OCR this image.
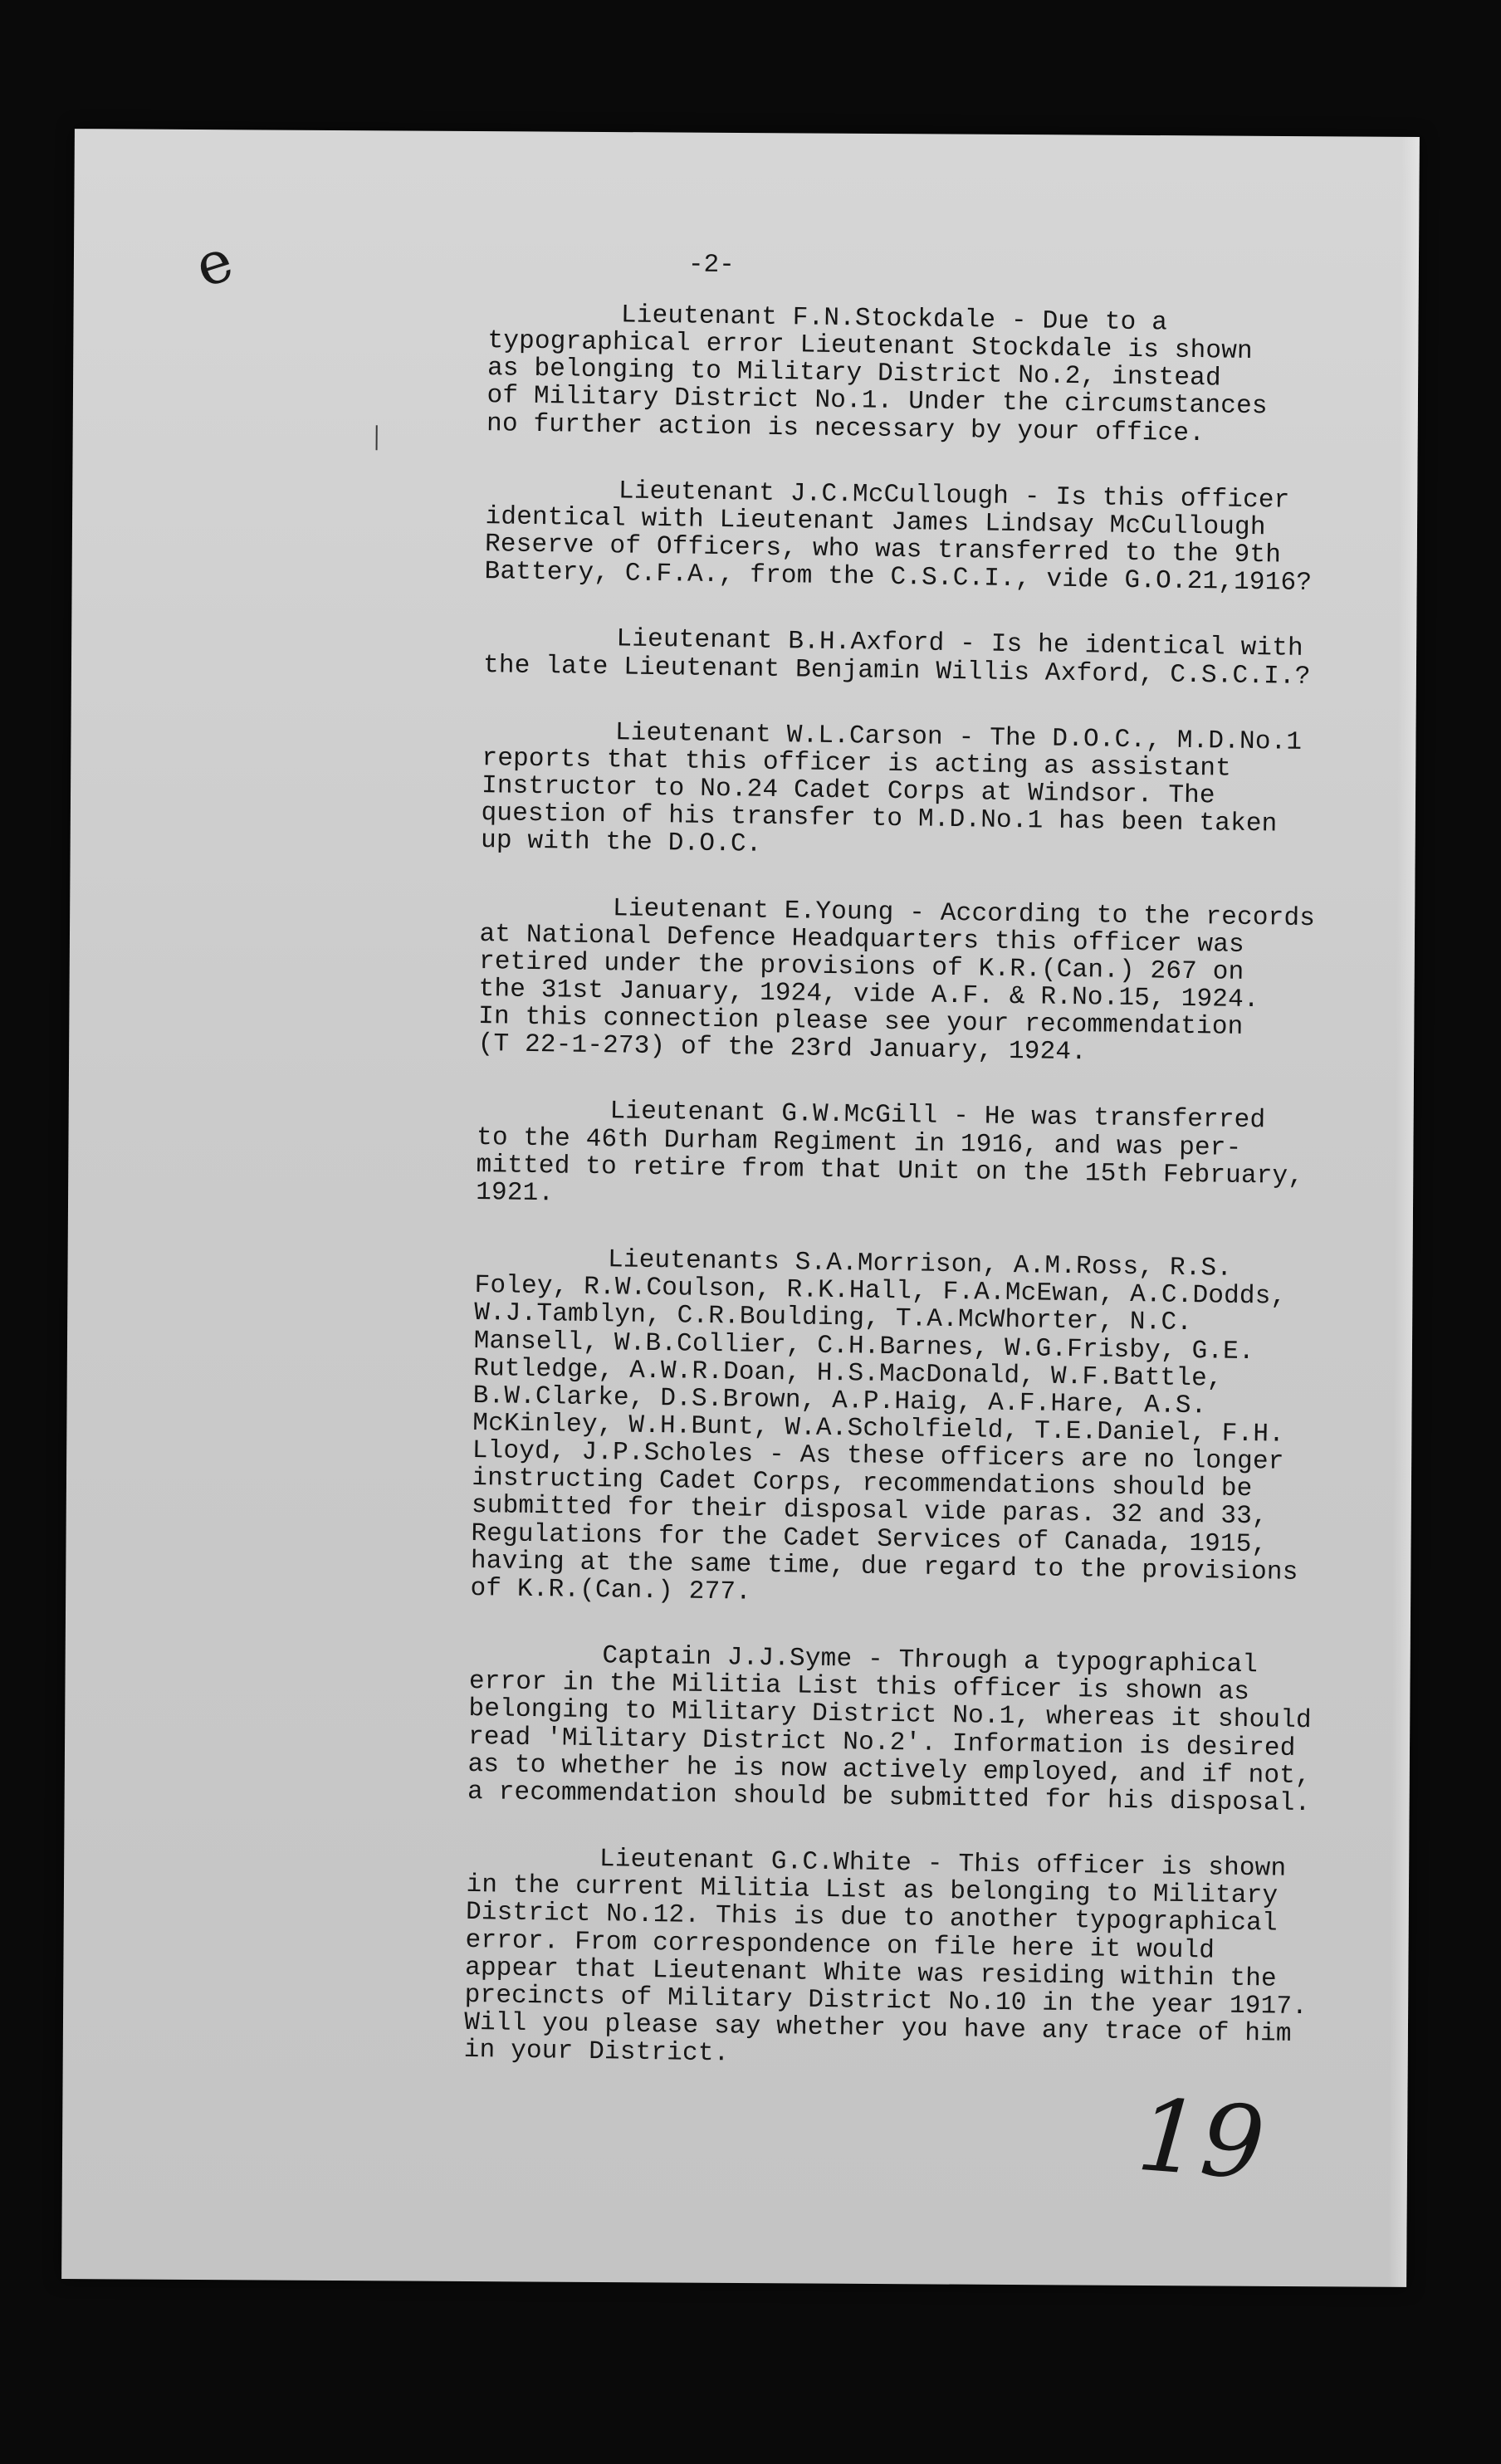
e	-2-

Lieutenant F.N.Stockdale - Due to a
typographical error Lieutenant Stockdale is shown
as belonging to Military District No.2, instead
of Military District No.1. Under the circumstances
no further action is necessary by your office.

Lieutenant J.C.McCullough - Is this officer
identical with Lieutenant James Lindsay McCullough
Reserve of Officers, who was transferred to the 9th
Battery, C.F.A., from the C.S.C.I., vide G.O.21,1916?

Lieutenant B.H.Axford - Is he identical with
the late Lieutenant Benjamin Willis Axford, C.S.C.I.?

Lieutenant W.L.Carson - The D.O.C., M.D.No.1
reports that this officer is acting as assistant
Instructor to No.24 Cadet Corps at Windsor. The
question of his transfer to M.D.No.1 has been taken
up with the D.O.C.

Lieutenant E.Young - According to the records
at National Defence Headquarters this officer was
retired under the provisions of K.R.(Can.) 267 on
the 31st January, 1924, vide A.F. & R.No.15, 1924.
In this connection please see your recommendation
(T 22-1-273) of the 23rd January, 1924.

Lieutenant G.W.McGill - He was transferred
to the 46th Durham Regiment in 1916, and was per-
mitted to retire from that Unit on the 15th February,
1921.

Lieutenants S.A.Morrison, A.M.Ross, R.S.
Foley, R.W.Coulson, R.K.Hall, F.A.McEwan, A.C.Dodds,
W.J.Tamblyn, C.R.Boulding, T.A.McWhorter, N.C.
Mansell, W.B.Collier, C.H.Barnes, W.G.Frisby, G.E.
Rutledge, A.W.R.Doan, H.S.MacDonald, W.F.Battle,
B.W.Clarke, D.S.Brown, A.P.Haig, A.F.Hare, A.S.
McKinley, W.H.Bunt, W.A.Scholfield, T.E.Daniel, F.H.
Lloyd, J.P.Scholes - As these officers are no longer
instructing Cadet Corps, recommendations should be
submitted for their disposal vide paras. 32 and 33,
Regulations for the Cadet Services of Canada, 1915,
having at the same time, due regard to the provisions
of K.R.(Can.) 277.

Captain J.J.Syme - Through a typographical
error in the Militia List this officer is shown as
belonging to Military District No.1, whereas it should
read 'Military District No.2'. Information is desired
as to whether he is now actively employed, and if not,
a recommendation should be submitted for his disposal.

Lieutenant G.C.White - This officer is shown
in the current Militia List as belonging to Military
District No.12. This is due to another typographical
error. From correspondence on file here it would
appear that Lieutenant White was residing within the
precincts of Military District No.10 in the year 1917.
Will you please say whether you have any trace of him
in your District.

19
